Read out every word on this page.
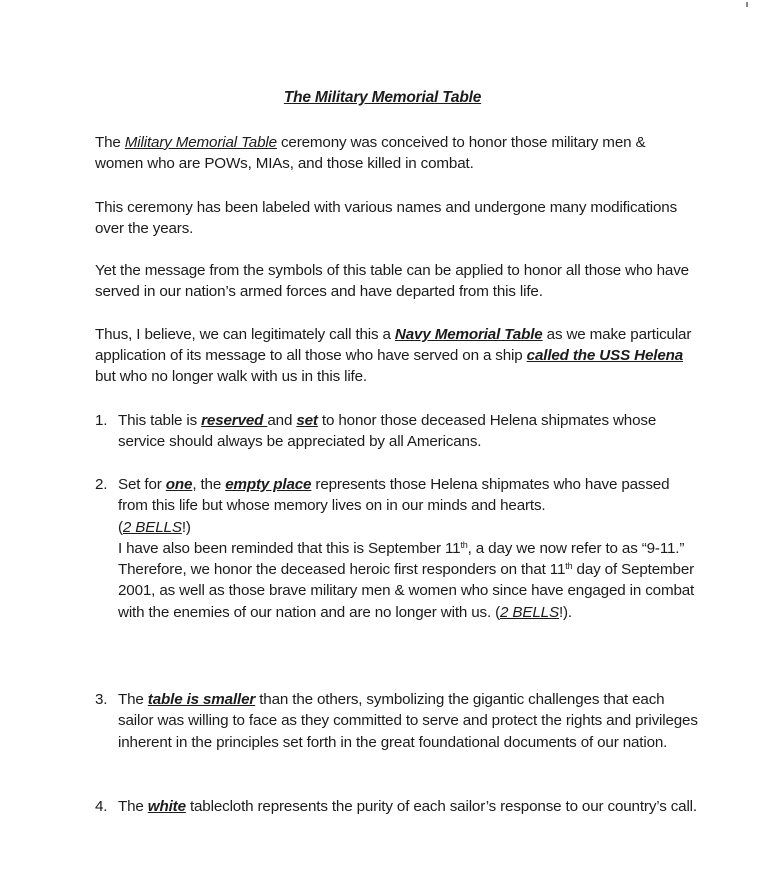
The Military Memorial Table
The Military Memorial Table ceremony was conceived to honor those military men & women who are POWs, MIAs, and those killed in combat.
This ceremony has been labeled with various names and undergone many modifications over the years.
Yet the message from the symbols of this table can be applied to honor all those who have served in our nation’s armed forces and have departed from this life.
Thus, I believe, we can legitimately call this a Navy Memorial Table as we make particular application of its message to all those who have served on a ship called the USS Helena but who no longer walk with us in this life.
1. This table is reserved and set to honor those deceased Helena shipmates whose service should always be appreciated by all Americans.
2. Set for one, the empty place represents those Helena shipmates who have passed from this life but whose memory lives on in our minds and hearts.
(2 BELLS!)
I have also been reminded that this is September 11th, a day we now refer to as “9-11.”
Therefore, we honor the deceased heroic first responders on that 11th day of September 2001, as well as those brave military men & women who since have engaged in combat with the enemies of our nation and are no longer with us. (2 BELLS!).
3. The table is smaller than the others, symbolizing the gigantic challenges that each sailor was willing to face as they committed to serve and protect the rights and privileges inherent in the principles set forth in the great foundational documents of our nation.
4. The white tablecloth represents the purity of each sailor’s response to our country’s call.
